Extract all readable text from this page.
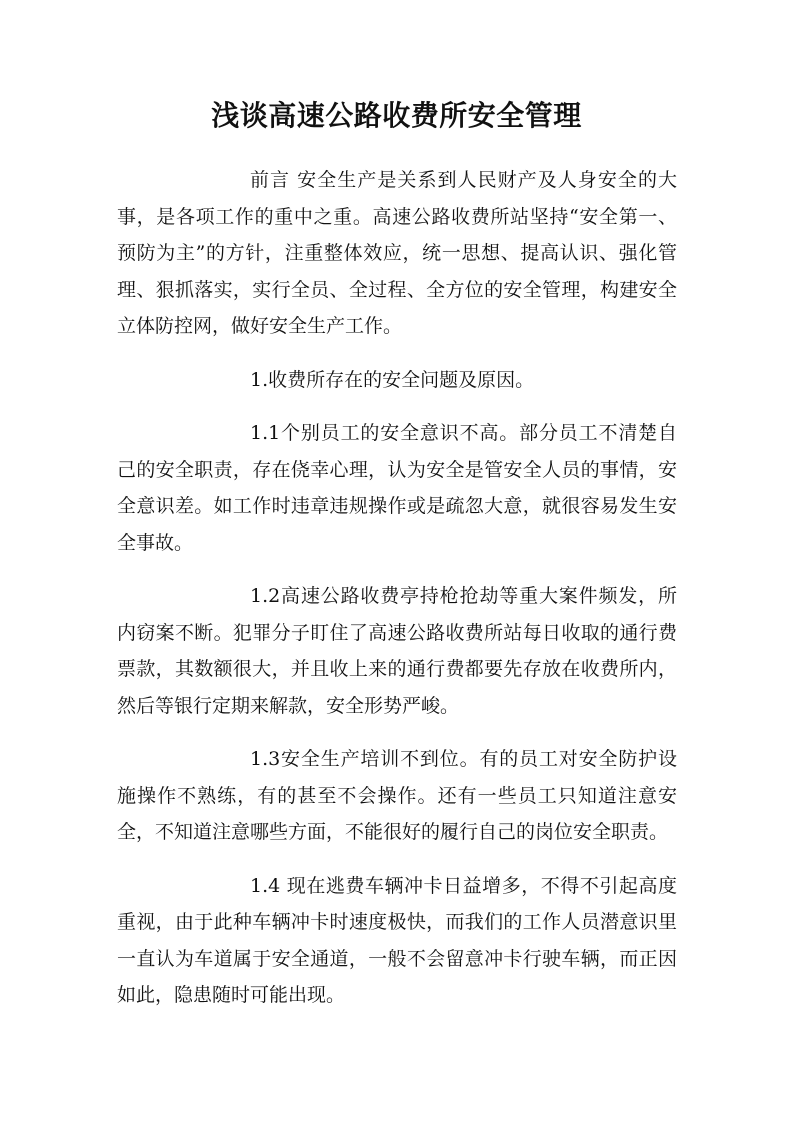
浅谈高速公路收费所安全管理

前言 安全生产是关系到人民财产及人身安全的大事，是各项工作的重中之重。高速公路收费所站坚持“安全第一、预防为主”的方针，注重整体效应，统一思想、提高认识、强化管理、狠抓落实，实行全员、全过程、全方位的安全管理，构建安全立体防控网，做好安全生产工作。

1.收费所存在的安全问题及原因。

1.1个别员工的安全意识不高。部分员工不清楚自己的安全职责，存在侥幸心理，认为安全是管安全人员的事情，安全意识差。如工作时违章违规操作或是疏忽大意，就很容易发生安全事故。

1.2高速公路收费亭持枪抢劫等重大案件频发，所内窃案不断。犯罪分子盯住了高速公路收费所站每日收取的通行费票款，其数额很大，并且收上来的通行费都要先存放在收费所内，然后等银行定期来解款，安全形势严峻。

1.3安全生产培训不到位。有的员工对安全防护设施操作不熟练，有的甚至不会操作。还有一些员工只知道注意安全，不知道注意哪些方面，不能很好的履行自己的岗位安全职责。

1.4 现在逃费车辆冲卡日益增多，不得不引起高度重视，由于此种车辆冲卡时速度极快，而我们的工作人员潜意识里一直认为车道属于安全通道，一般不会留意冲卡行驶车辆，而正因如此，隐患随时可能出现。
